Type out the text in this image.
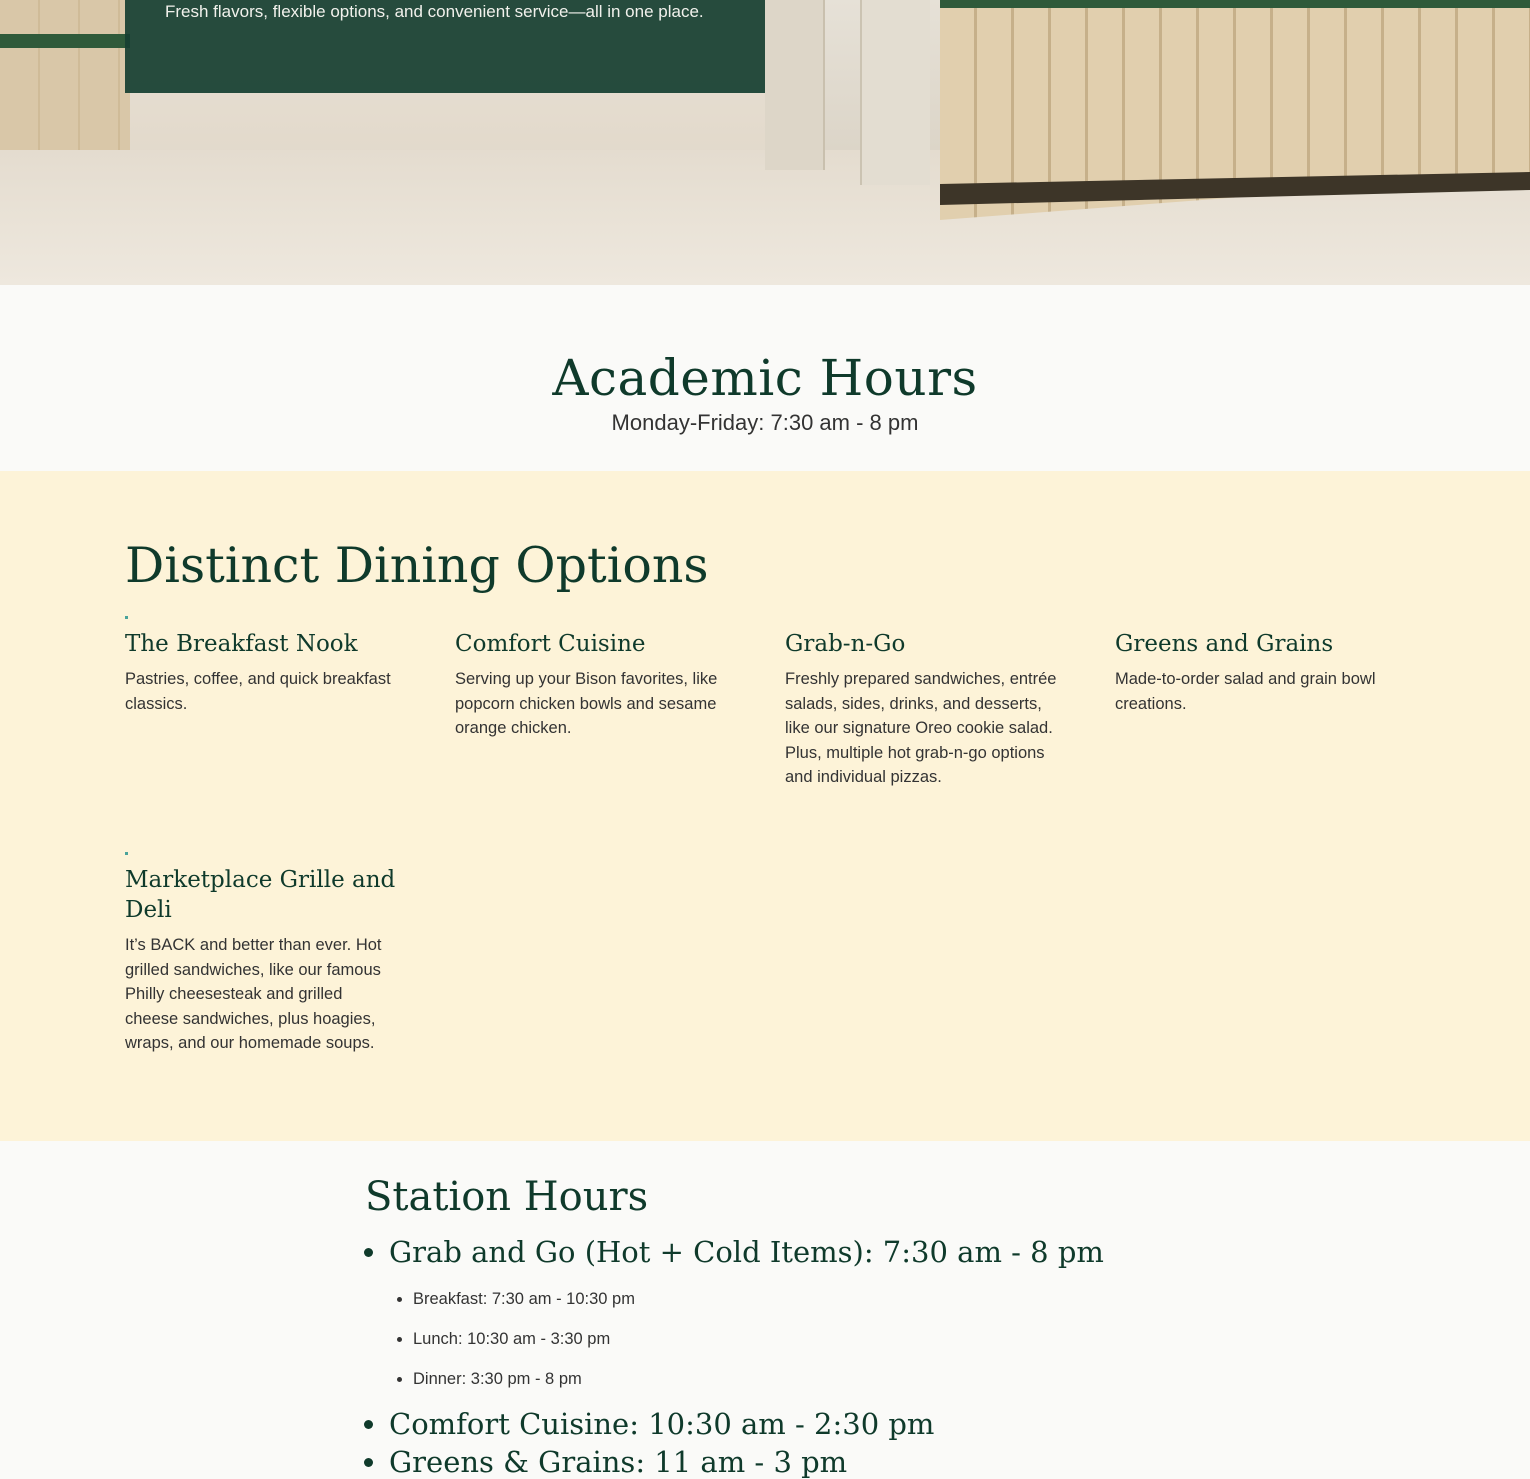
Fresh flavors, flexible options, and convenient service—all in one place.

Academic Hours

Monday-Friday: 7:30 am - 8 pm

Distinct Dining Options
The Breakfast Nook

Pastries, coffee, and quick breakfast classics.

Comfort Cuisine

Serving up your Bison favorites, like popcorn chicken bowls and sesame orange chicken.

Grab-n-Go

Freshly prepared sandwiches, entrée salads, sides, drinks, and desserts, like our signature Oreo cookie salad. Plus, multiple hot grab-n-go options and individual pizzas.

Greens and Grains

Made-to-order salad and grain bowl creations.

Marketplace Grille and Deli

It’s BACK and better than ever. Hot grilled sandwiches, like our famous Philly cheesesteak and grilled cheese sandwiches, plus hoagies, wraps, and our homemade soups.

Station Hours
• Grab and Go (Hot + Cold Items): 7:30 am - 8 pm
• Breakfast: 7:30 am - 10:30 pm
• Lunch: 10:30 am - 3:30 pm
• Dinner: 3:30 pm - 8 pm
• Comfort Cuisine: 10:30 am - 2:30 pm
• Greens & Grains: 11 am - 3 pm
